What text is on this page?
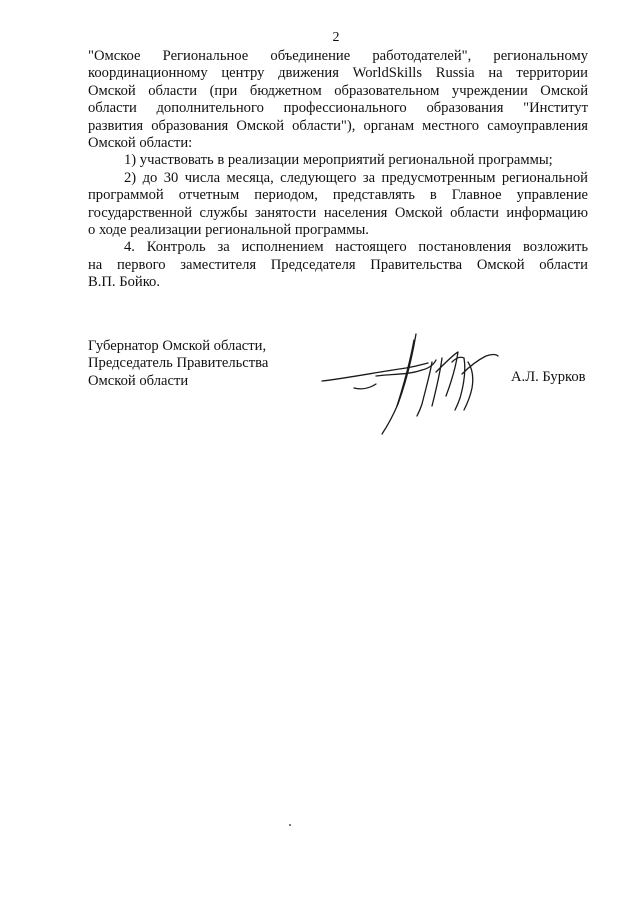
2

"Омское Региональное объединение работодателей", региональному

координационному центру движения WorldSkills Russia на территории

Омской области (при бюджетном образовательном учреждении Омской

области дополнительного профессионального образования "Институт

развития образования Омской области"), органам местного самоуправления

Омской области:

1) участвовать в реализации мероприятий региональной программы;

2) до 30 числа месяца, следующего за предусмотренным региональной

программой отчетным периодом, представлять в Главное управление

государственной службы занятости населения Омской области информацию

о ходе реализации региональной программы.

4. Контроль за исполнением настоящего постановления возложить

на первого заместителя Председателя Правительства Омской области

В.П. Бойко.

Губернатор Омской области,
Председатель Правительства
Омской области	А.Л. Бурков
